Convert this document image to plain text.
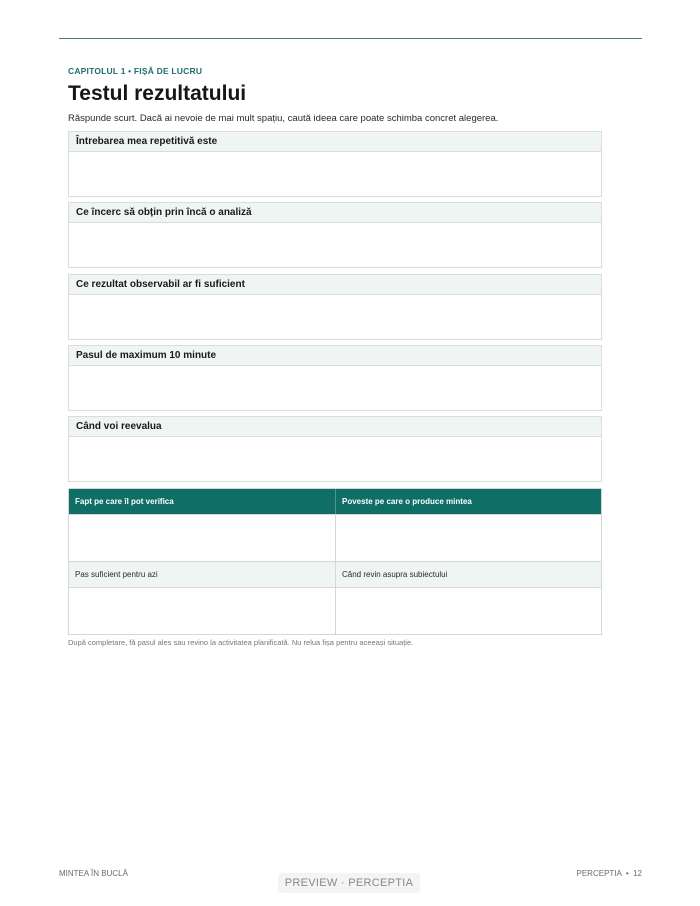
CAPITOLUL 1 • FIȘĂ DE LUCRU
Testul rezultatului
Răspunde scurt. Dacă ai nevoie de mai mult spațiu, caută ideea care poate schimba concret alegerea.
Întrebarea mea repetitivă este
Ce încerc să obțin prin încă o analiză
Ce rezultat observabil ar fi suficient
Pasul de maximum 10 minute
Când voi reevalua
Fapt pe care îl pot verifica	Poveste pe care o produce mintea
Pas suficient pentru azi	Când revin asupra subiectului
După completare, fă pasul ales sau revino la activitatea planificată. Nu relua fișa pentru aceeași situație.
MINTEA ÎN BUCLĂ	PERCEPTIA  •  12
PREVIEW · PERCEPTIA
